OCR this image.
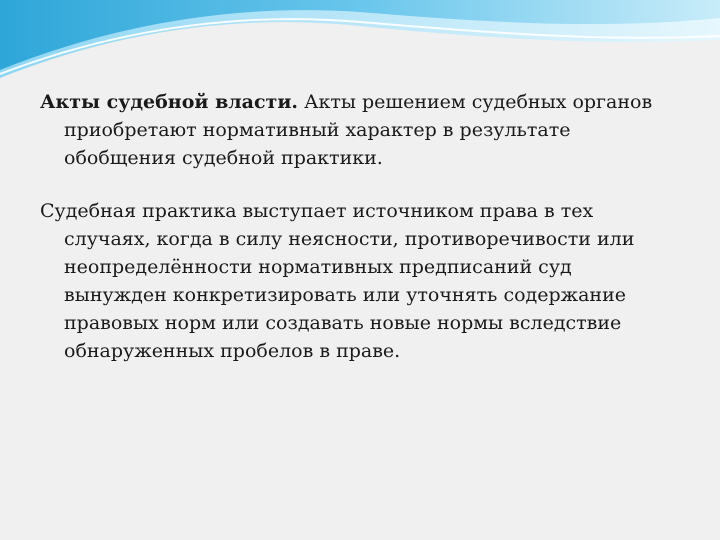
Акты судебной власти. Акты решением судебных органов приобретают нормативный характер в результате обобщения судебной практики.

Судебная практика выступает источником права в тех случаях, когда в силу неясности, противоречивости или неопределённости нормативных предписаний суд вынужден конкретизировать или уточнять содержание правовых норм или создавать новые нормы вследствие обнаруженных пробелов в праве.
